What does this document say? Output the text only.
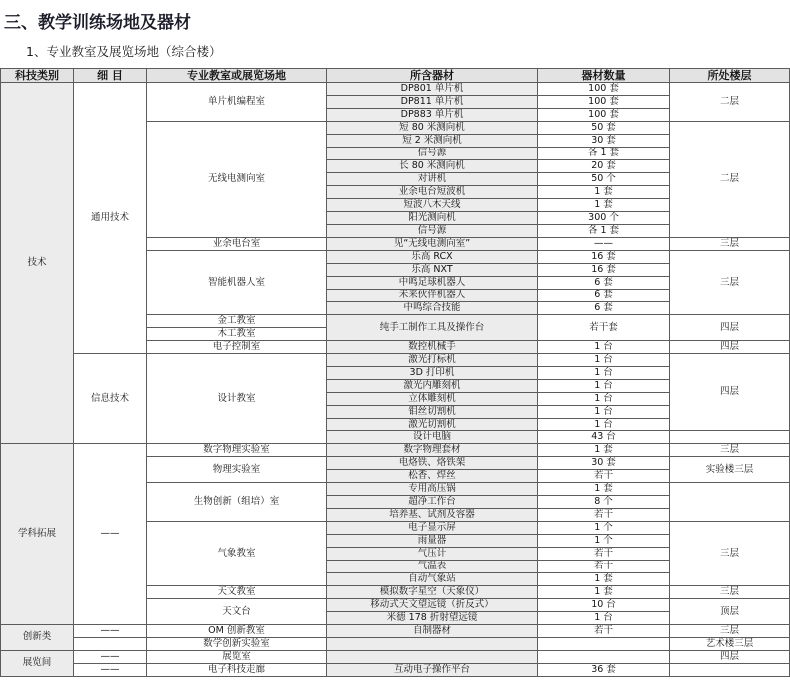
三、教学训练场地及器材
1、专业教室及展览场地（综合楼）
科技类别	细 目	专业教室或展览场地	所含器材	器材数量	所处楼层
技术	通用技术	单片机编程室	DP801 单片机	100 套	二层
			DP811 单片机	100 套	
			DP883 单片机	100 套	
		无线电测向室	短 80 米测向机	50 套	二层
			短 2 米测向机	30 套	
			信号源	各 1 套	
			长 80 米测向机	20 套	
			对讲机	50 个	
			业余电台短波机	1 套	
			短波八木天线	1 套	
			阳光测向机	300 个	
			信号源	各 1 套	
		业余电台室	见“无线电测向室”	——	三层
		智能机器人室	乐高 RCX	16 套	三层
			乐高 NXT	16 套	
			中鸣足球机器人	6 套	
			未来伙伴机器人	6 套	
			中鸣综合技能	6 套	
		金工教室	纯手工制作工具及操作台	若干套	四层
		木工教室			
		电子控制室	数控机械手	1 台	四层
	信息技术	设计教室	激光打标机	1 台	四层
			3D 打印机	1 台	
			激光内雕刻机	1 台	
			立体雕刻机	1 台	
			钼丝切割机	1 台	
			激光切割机	1 台	
			设计电脑	43 台	
学科拓展	——	数字物理实验室	数字物理套材	1 套	三层
		物理实验室	电烙铁、烙铁架	30 套	实验楼三层
			松香、焊丝	若干	
		生物创新（组培）室	专用高压锅	1 套	
			超净工作台	8 个	
			培养基、试剂及容器	若干	
		气象教室	电子显示屏	1 个	三层
			雨量器	1 个	
			气压计	若干	
			气温表	若干	
			自动气象站	1 套	
		天文教室	模拟数字星空（天象仪）	1 套	三层
		天文台	移动式天文望远镜（折反式）	10 台	顶层
			米德 178 折射望远镜	1 台	
创新类	——	OM 创新教室	自制器材	若干	三层
		数学创新实验室			艺术楼三层
展览间	——	展览室			四层
	——	电子科技走廊	互动电子操作平台	36 套	
